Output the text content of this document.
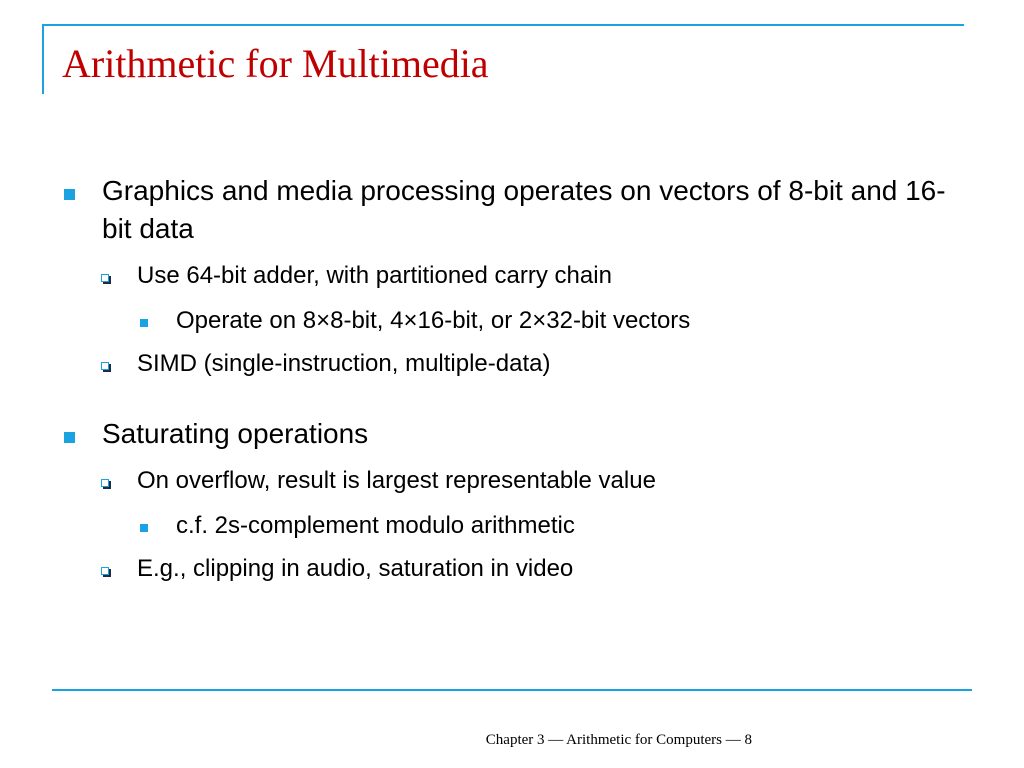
Arithmetic for Multimedia
Graphics and media processing operates on vectors of 8-bit and 16-bit data
Use 64-bit adder, with partitioned carry chain
Operate on 8×8-bit, 4×16-bit, or 2×32-bit vectors
SIMD (single-instruction, multiple-data)
Saturating operations
On overflow, result is largest representable value
c.f. 2s-complement modulo arithmetic
E.g., clipping in audio, saturation in video
Chapter 3 — Arithmetic for Computers — 8
